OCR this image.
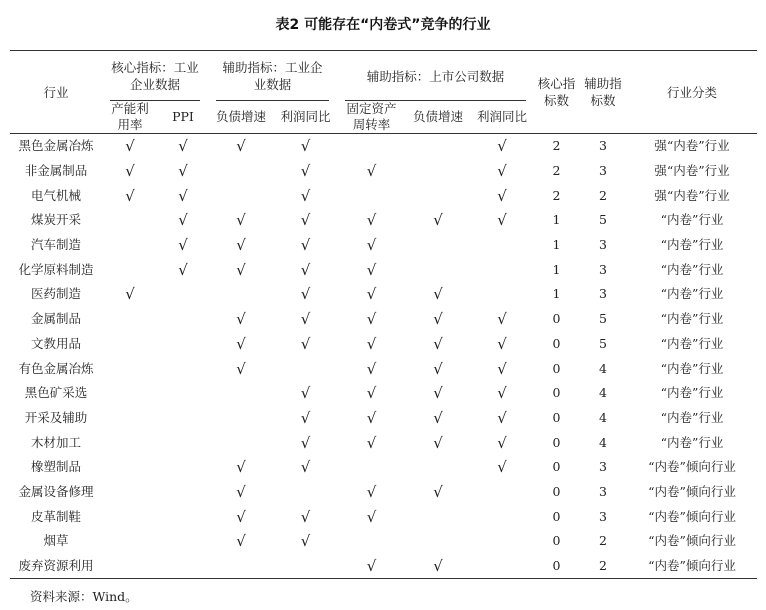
表2 可能存在“内卷式”竞争的行业
行业	核心指标：工业企业数据		辅助指标：工业企业数据		辅助指标：上市公司数据			核心指标数	辅助指标数	行业分类
	产能利用率	PPI	负债增速	利润同比	固定资产周转率	负债增速	利润同比			
黑色金属冶炼	√	√	√	√			√	2	3	强“内卷”行业
非金属制品	√	√		√	√		√	2	3	强“内卷”行业
电气机械	√	√		√			√	2	2	强“内卷”行业
煤炭开采		√	√	√	√	√	√	1	5	“内卷”行业
汽车制造		√	√	√	√			1	3	“内卷”行业
化学原料制造		√	√	√	√			1	3	“内卷”行业
医药制造	√			√	√	√		1	3	“内卷”行业
金属制品			√	√	√	√	√	0	5	“内卷”行业
文教用品			√	√	√	√	√	0	5	“内卷”行业
有色金属冶炼			√		√	√	√	0	4	“内卷”行业
黑色矿采选				√	√	√	√	0	4	“内卷”行业
开采及辅助				√	√	√	√	0	4	“内卷”行业
木材加工				√	√	√	√	0	4	“内卷”行业
橡塑制品			√	√			√	0	3	“内卷”倾向行业
金属设备修理			√		√	√		0	3	“内卷”倾向行业
皮革制鞋			√	√	√			0	3	“内卷”倾向行业
烟草			√	√				0	2	“内卷”倾向行业
废弃资源利用					√	√		0	2	“内卷”倾向行业
资料来源：Wind。
